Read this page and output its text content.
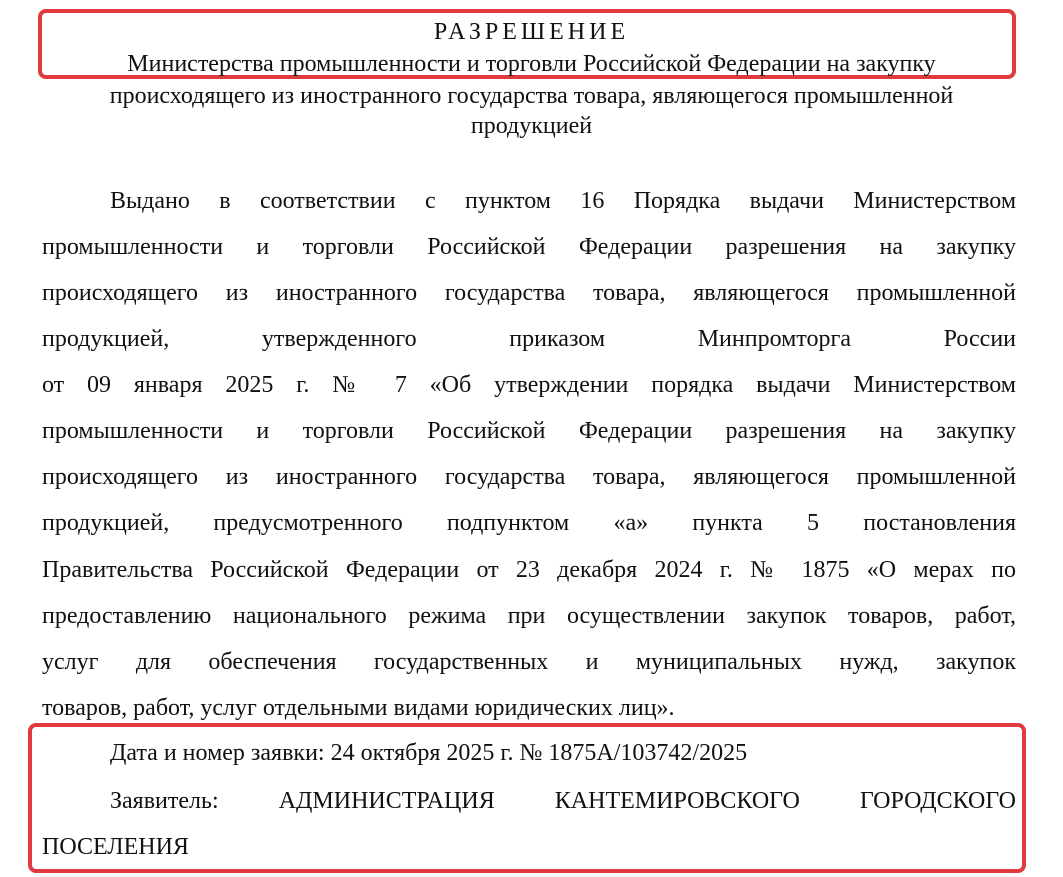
РАЗРЕШЕНИЕ
Министерства промышленности и торговли Российской Федерации на закупку
происходящего из иностранного государства товара, являющегося промышленной
продукцией
Выдано в соответствии с пунктом 16 Порядка выдачи Министерством
промышленности и торговли Российской Федерации разрешения на закупку
происходящего из иностранного государства товара, являющегося промышленной
продукцией, утвержденного приказом Минпромторга России
от 09 января 2025 г. № 7 «Об утверждении порядка выдачи Министерством
промышленности и торговли Российской Федерации разрешения на закупку
происходящего из иностранного государства товара, являющегося промышленной
продукцией, предусмотренного подпунктом «а» пункта 5 постановления
Правительства Российской Федерации от 23 декабря 2024 г. № 1875 «О мерах по
предоставлению национального режима при осуществлении закупок товаров, работ,
услуг для обеспечения государственных и муниципальных нужд, закупок
товаров, работ, услуг отдельными видами юридических лиц».
Дата и номер заявки: 24 октября 2025 г. № 1875А/103742/2025
Заявитель: АДМИНИСТРАЦИЯ КАНТЕМИРОВСКОГО ГОРОДСКОГО
ПОСЕЛЕНИЯ
